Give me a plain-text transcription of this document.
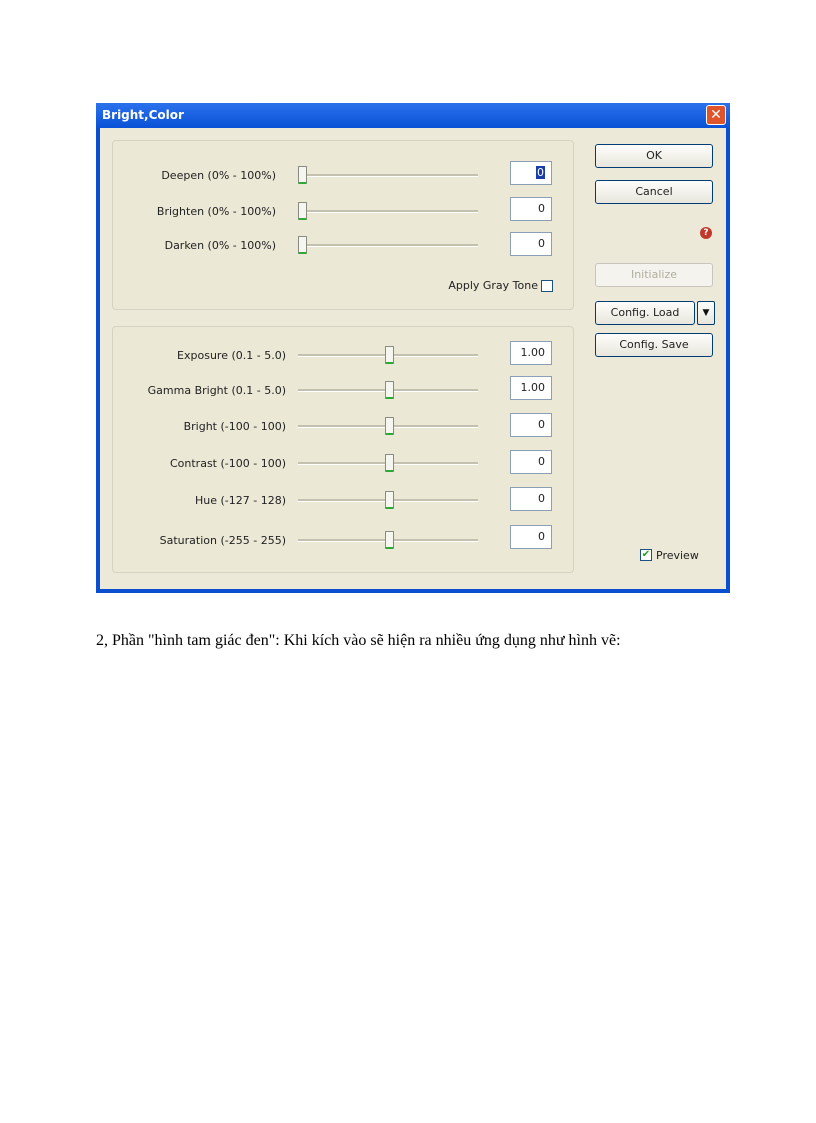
Bright,Color	✕
Deepen (0% - 100%)	0
Brighten (0% - 100%)	0
Darken (0% - 100%)	0
Apply Gray Tone
Exposure (0.1 - 5.0)	1.00
Gamma Bright (0.1 - 5.0)	1.00
Bright (-100 - 100)	0
Contrast (-100 - 100)	0
Hue (-127 - 128)	0
Saturation (-255 - 255)	0
OK
Cancel
?
Initialize
Config. Load	▼
Config. Save
✔ Preview
2, Phần "hình tam giác đen": Khi kích vào sẽ hiện ra nhiều ứng dụng như hình vẽ:
